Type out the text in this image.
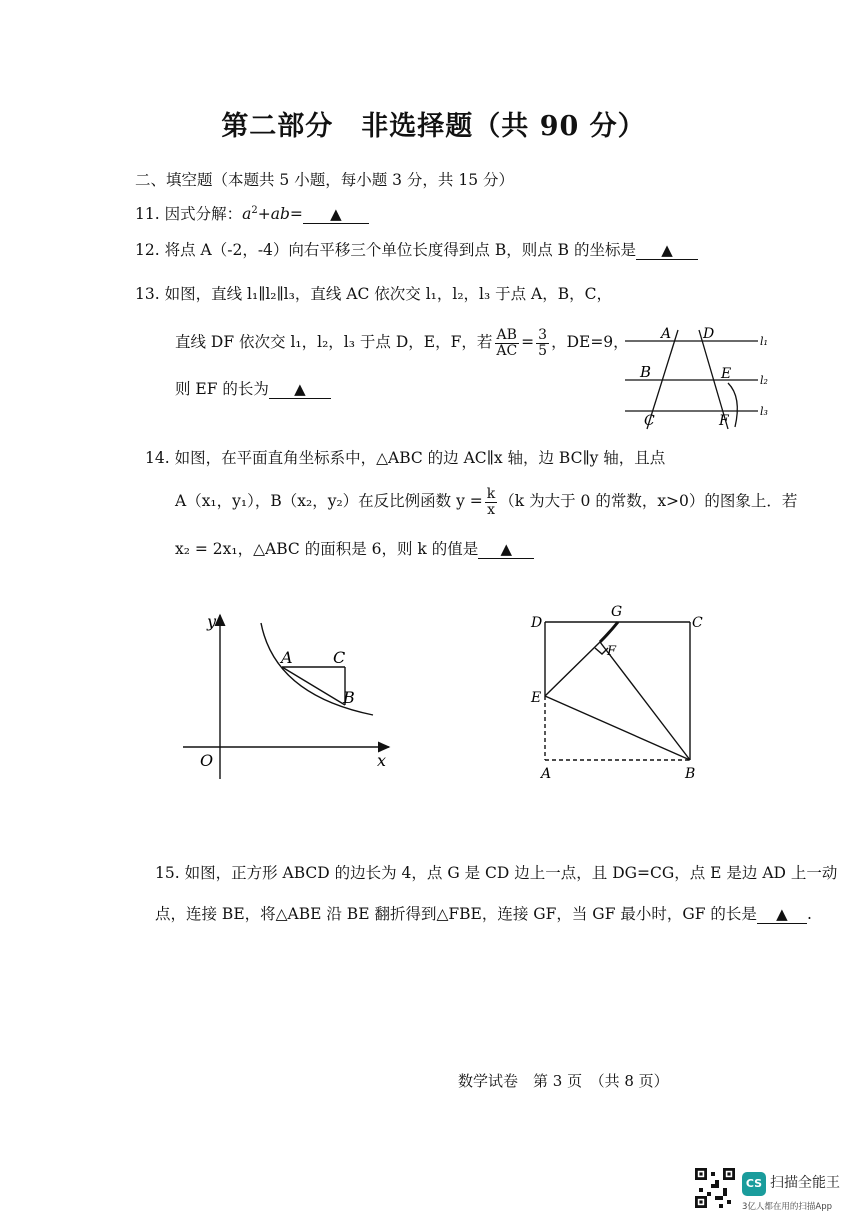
第二部分　非选择题（共 90 分）
二、填空题（本题共 5 小题，每小题 3 分，共 15 分）
11. 因式分解：$a^2+ab=$ ▲
12. 将点 A（-2，-4）向右平移三个单位长度得到点 B，则点 B 的坐标是 ▲
13. 如图，直线 l₁∥l₂∥l₃，直线 AC 依次交 l₁，l₂，l₃ 于点 A，B，C，
直线 DF 依次交 l₁，l₂，l₃ 于点 D，E，F，若 $\frac{AB}{AC} = \frac{3}{5}$ ，DE=9，
则 EF 的长为 ▲
A D
B	E
C	F
l₁
l₂
l₃
14. 如图，在平面直角坐标系中，△ABC 的边 AC∥x 轴，边 BC∥y 轴，且点
A（x₁，y₁），B（x₂，y₂）在反比例函数 $y = \frac{k}{x} (k$ 为大于 0 的常数，x>0）的图象上．若
x₂ = 2x₁，△ABC 的面积是 6，则 k 的值是 ▲
y
x
O
A	C
B
D
G
C
F
E
A	B
15. 如图，正方形 ABCD 的边长为 4，点 G 是 CD 边上一点，且 DG=CG，点 E 是边 AD 上一动
点，连接 BE，将△ABE 沿 BE 翻折得到△FBE，连接 GF，当 GF 最小时，GF 的长是 ▲ .
数学试卷　第 3 页　（共 8 页）
CS 扫描全能王
3亿人都在用的扫描App
